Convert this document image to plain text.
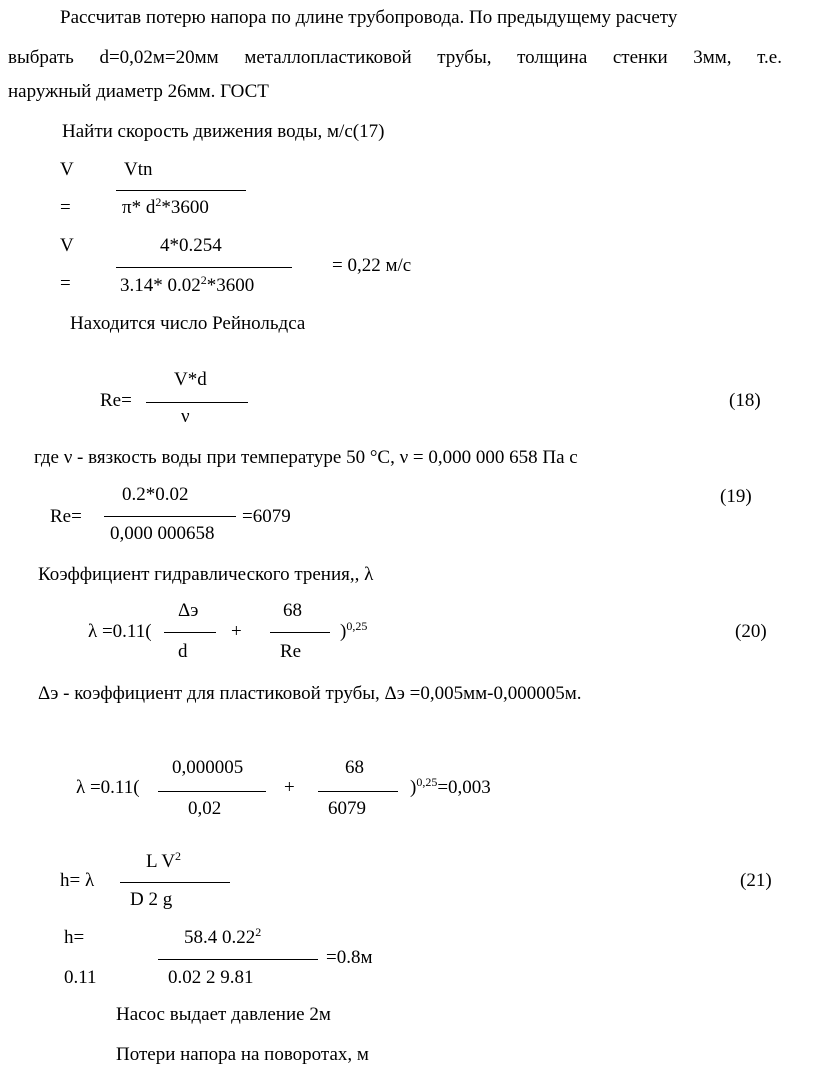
Рассчитав потерю напора по длине трубопровода. По предыдущему расчету
выбрать d=0,02м=20мм металлопластиковой трубы, толщина стенки 3мм, т.е.
наружный диаметр 26мм. ГОСТ
Найти скорость движения воды, м/с(17)
V	Vtn
=	π* $d^2*3600$
V	4*0.254
= 0,22 м/с
=	3.14* 0.02$^2$*3600
Находится число Рейнольдса
V*d
Re=
ν
(18)
где ν - вязкость воды при температуре 50 °С, ν = 0,000 000 658 Па с
0.2*0.02	(19)
Re=	=6079
0,000 000658
Коэффициент гидравлического трения,, λ
Δэ	68
λ =0.11(	+	)$^{0,25}$	(20)
d	Re
Δэ - коэффициент для пластиковой трубы, Δэ =0,005мм-0,000005м.
0,000005	68
λ =0.11(	+	)$^{0,25}$=0,003
0,02	6079
L $V^2$
h= λ	(21)
D 2 g
h=	58.4 $0.22^2$
=0.8м
0.11	0.02 2 9.81
Насос выдает давление 2м
Потери напора на поворотах, м
